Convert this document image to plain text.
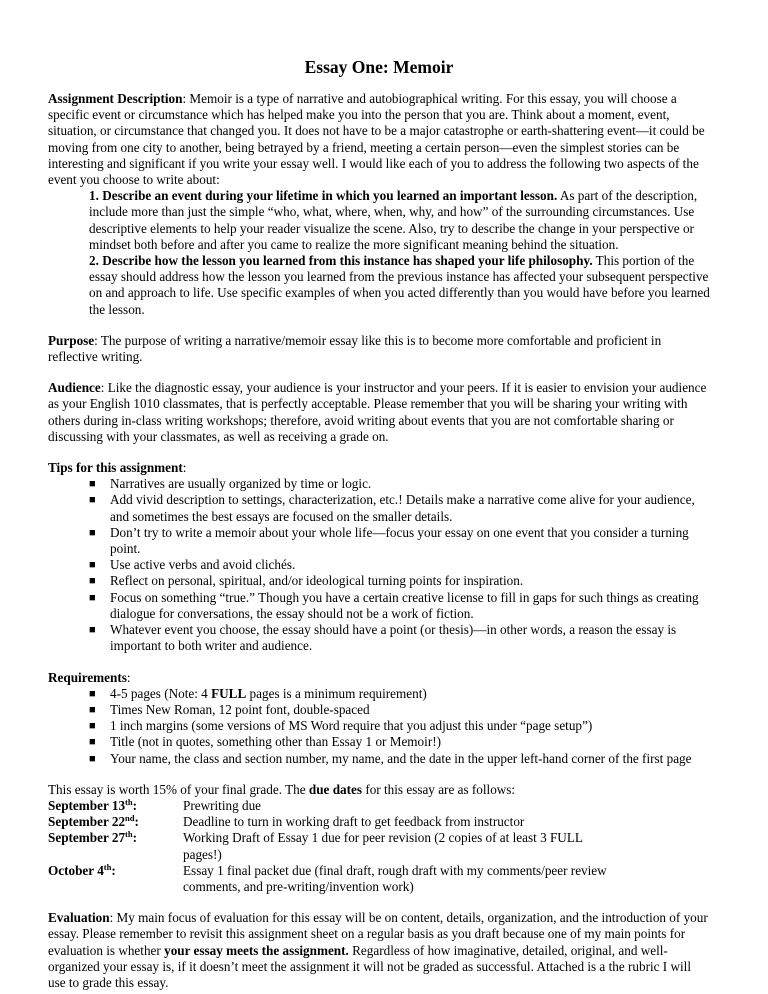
Essay One: Memoir

Assignment Description: Memoir is a type of narrative and autobiographical writing. For this essay, you will choose a specific event or circumstance which has helped make you into the person that you are. Think about a moment, event, situation, or circumstance that changed you. It does not have to be a major catastrophe or earth-shattering event—it could be moving from one city to another, being betrayed by a friend, meeting a certain person—even the simplest stories can be interesting and significant if you write your essay well. I would like each of you to address the following two aspects of the event you choose to write about:

1. Describe an event during your lifetime in which you learned an important lesson. As part of the description, include more than just the simple “who, what, where, when, why, and how” of the surrounding circumstances. Use descriptive elements to help your reader visualize the scene. Also, try to describe the change in your perspective or mindset both before and after you came to realize the more significant meaning behind the situation.

2. Describe how the lesson you learned from this instance has shaped your life philosophy. This portion of the essay should address how the lesson you learned from the previous instance has affected your subsequent perspective on and approach to life. Use specific examples of when you acted differently than you would have before you learned the lesson.

Purpose: The purpose of writing a narrative/memoir essay like this is to become more comfortable and proficient in reflective writing.

Audience: Like the diagnostic essay, your audience is your instructor and your peers. If it is easier to envision your audience as your English 1010 classmates, that is perfectly acceptable. Please remember that you will be sharing your writing with others during in-class writing workshops; therefore, avoid writing about events that you are not comfortable sharing or discussing with your classmates, as well as receiving a grade on.

Tips for this assignment:

■ Narratives are usually organized by time or logic.
■ Add vivid description to settings, characterization, etc.! Details make a narrative come alive for your audience, and sometimes the best essays are focused on the smaller details.
■ Don’t try to write a memoir about your whole life—focus your essay on one event that you consider a turning point.
■ Use active verbs and avoid clichés.
■ Reflect on personal, spiritual, and/or ideological turning points for inspiration.
■ Focus on something “true.” Though you have a certain creative license to fill in gaps for such things as creating dialogue for conversations, the essay should not be a work of fiction.
■ Whatever event you choose, the essay should have a point (or thesis)—in other words, a reason the essay is important to both writer and audience.

Requirements:

■ 4-5 pages (Note: 4 FULL pages is a minimum requirement)
■ Times New Roman, 12 point font, double-spaced
■ 1 inch margins (some versions of MS Word require that you adjust this under “page setup”)
■ Title (not in quotes, something other than Essay 1 or Memoir!)
■ Your name, the class and section number, my name, and the date in the upper left-hand corner of the first page

This essay is worth 15% of your final grade. The due dates for this essay are as follows:

September 13th:	Prewriting due
September 22nd:	Deadline to turn in working draft to get feedback from instructor
September 27th:	Working Draft of Essay 1 due for peer revision (2 copies of at least 3 FULL pages!)
October 4th:	Essay 1 final packet due (final draft, rough draft with my comments/peer review comments, and pre-writing/invention work)

Evaluation: My main focus of evaluation for this essay will be on content, details, organization, and the introduction of your essay. Please remember to revisit this assignment sheet on a regular basis as you draft because one of my main points for evaluation is whether your essay meets the assignment. Regardless of how imaginative, detailed, original, and well-organized your essay is, if it doesn’t meet the assignment it will not be graded as successful. Attached is a the rubric I will use to grade this essay.
